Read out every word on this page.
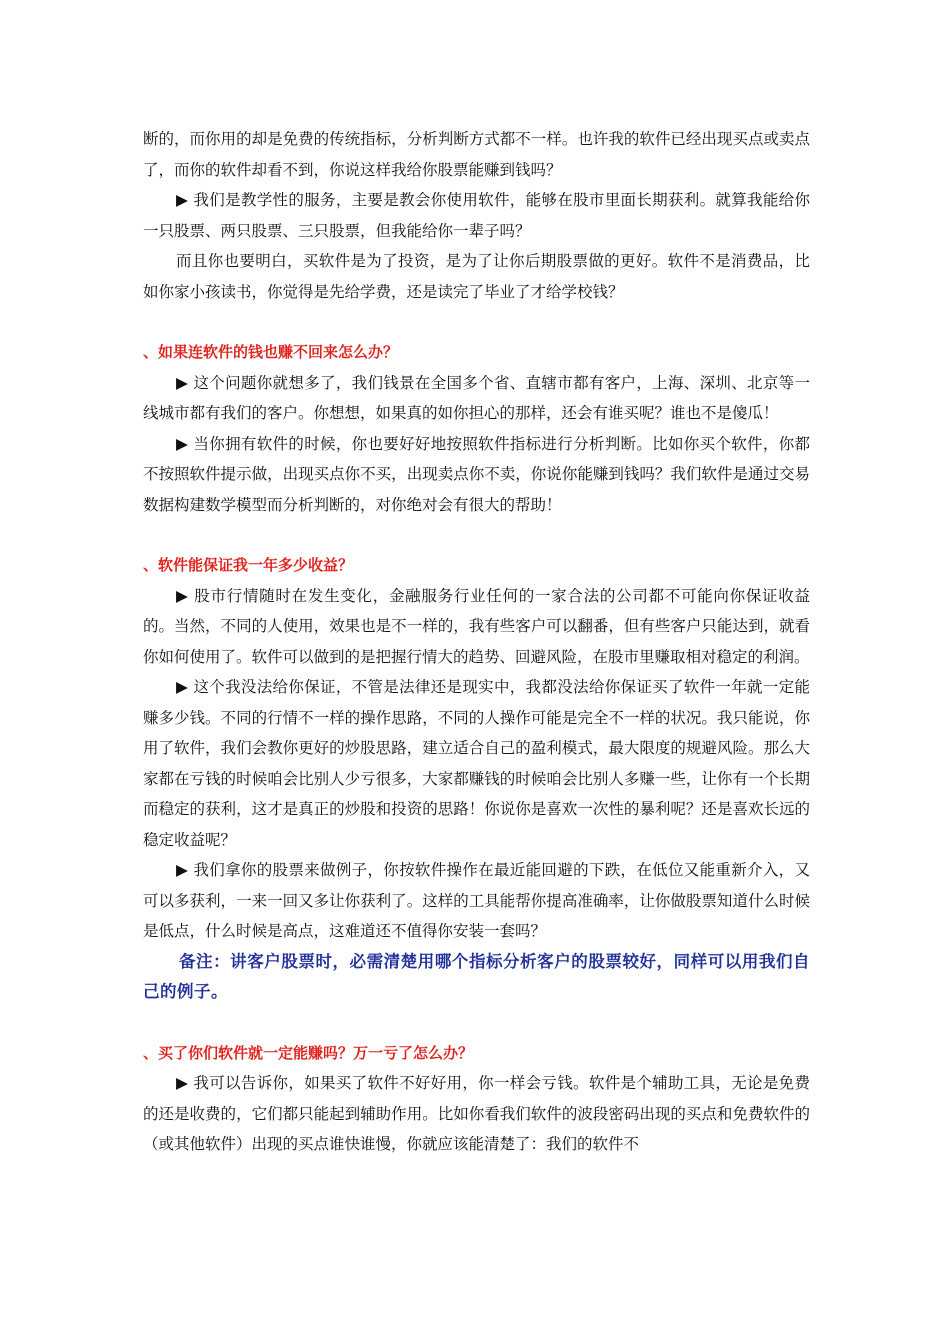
断的，而你用的却是免费的传统指标，分析判断方式都不一样。也许我的软件已经出现买点或卖点了，而你的软件却看不到，你说这样我给你股票能赚到钱吗？

▶ 我们是教学性的服务，主要是教会你使用软件，能够在股市里面长期获利。就算我能给你一只股票、两只股票、三只股票，但我能给你一辈子吗？

而且你也要明白，买软件是为了投资，是为了让你后期股票做的更好。软件不是消费品，比如你家小孩读书，你觉得是先给学费，还是读完了毕业了才给学校钱？

、如果连软件的钱也赚不回来怎么办？

▶ 这个问题你就想多了，我们钱景在全国多个省、直辖市都有客户，上海、深圳、北京等一线城市都有我们的客户。你想想，如果真的如你担心的那样，还会有谁买呢？谁也不是傻瓜！

▶ 当你拥有软件的时候，你也要好好地按照软件指标进行分析判断。比如你买个软件，你都不按照软件提示做，出现买点你不买，出现卖点你不卖，你说你能赚到钱吗？我们软件是通过交易数据构建数学模型而分析判断的，对你绝对会有很大的帮助！

、软件能保证我一年多少收益？

▶ 股市行情随时在发生变化，金融服务行业任何的一家合法的公司都不可能向你保证收益的。当然，不同的人使用，效果也是不一样的，我有些客户可以翻番，但有些客户只能达到，就看你如何使用了。软件可以做到的是把握行情大的趋势、回避风险，在股市里赚取相对稳定的利润。

▶ 这个我没法给你保证，不管是法律还是现实中，我都没法给你保证买了软件一年就一定能赚多少钱。不同的行情不一样的操作思路，不同的人操作可能是完全不一样的状况。我只能说，你用了软件，我们会教你更好的炒股思路，建立适合自己的盈利模式，最大限度的规避风险。那么大家都在亏钱的时候咱会比别人少亏很多，大家都赚钱的时候咱会比别人多赚一些，让你有一个长期而稳定的获利，这才是真正的炒股和投资的思路！你说你是喜欢一次性的暴利呢？还是喜欢长远的稳定收益呢？

▶ 我们拿你的股票来做例子，你按软件操作在最近能回避的下跌，在低位又能重新介入，又可以多获利，一来一回又多让你获利了。这样的工具能帮你提高准确率，让你做股票知道什么时候是低点，什么时候是高点，这难道还不值得你安装一套吗？

备注：讲客户股票时，必需清楚用哪个指标分析客户的股票较好，同样可以用我们自己的例子。

、买了你们软件就一定能赚吗？万一亏了怎么办？

▶ 我可以告诉你，如果买了软件不好好用，你一样会亏钱。软件是个辅助工具，无论是免费的还是收费的，它们都只能起到辅助作用。比如你看我们软件的波段密码出现的买点和免费软件的（或其他软件）出现的买点谁快谁慢，你就应该能清楚了：我们的软件不
